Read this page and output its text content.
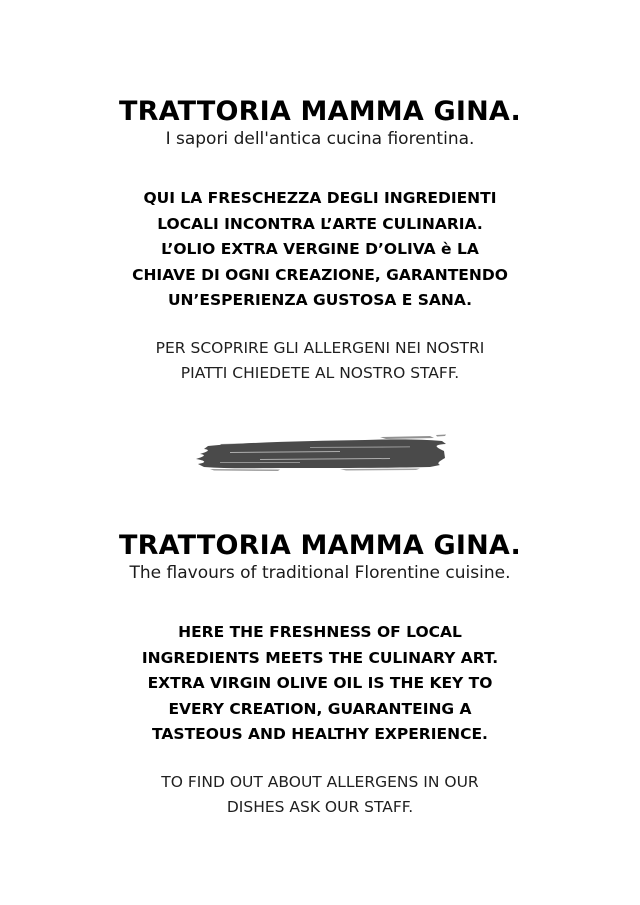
TRATTORIA MAMMA GINA.

I sapori dell'antica cucina fiorentina.

QUI LA FRESCHEZZA DEGLI INGREDIENTI
LOCALI INCONTRA L’ARTE CULINARIA.
L’OLIO EXTRA VERGINE D’OLIVA è LA
CHIAVE DI OGNI CREAZIONE, GARANTENDO
UN’ESPERIENZA GUSTOSA E SANA.
PER SCOPRIRE GLI ALLERGENI NEI NOSTRI
PIATTI CHIEDETE AL NOSTRO STAFF.
TRATTORIA MAMMA GINA.

The flavours of traditional Florentine cuisine.

HERE THE FRESHNESS OF LOCAL
INGREDIENTS MEETS THE CULINARY ART.
EXTRA VIRGIN OLIVE OIL IS THE KEY TO
EVERY CREATION, GUARANTEING A
TASTEOUS AND HEALTHY EXPERIENCE.
TO FIND OUT ABOUT ALLERGENS IN OUR
DISHES ASK OUR STAFF.
